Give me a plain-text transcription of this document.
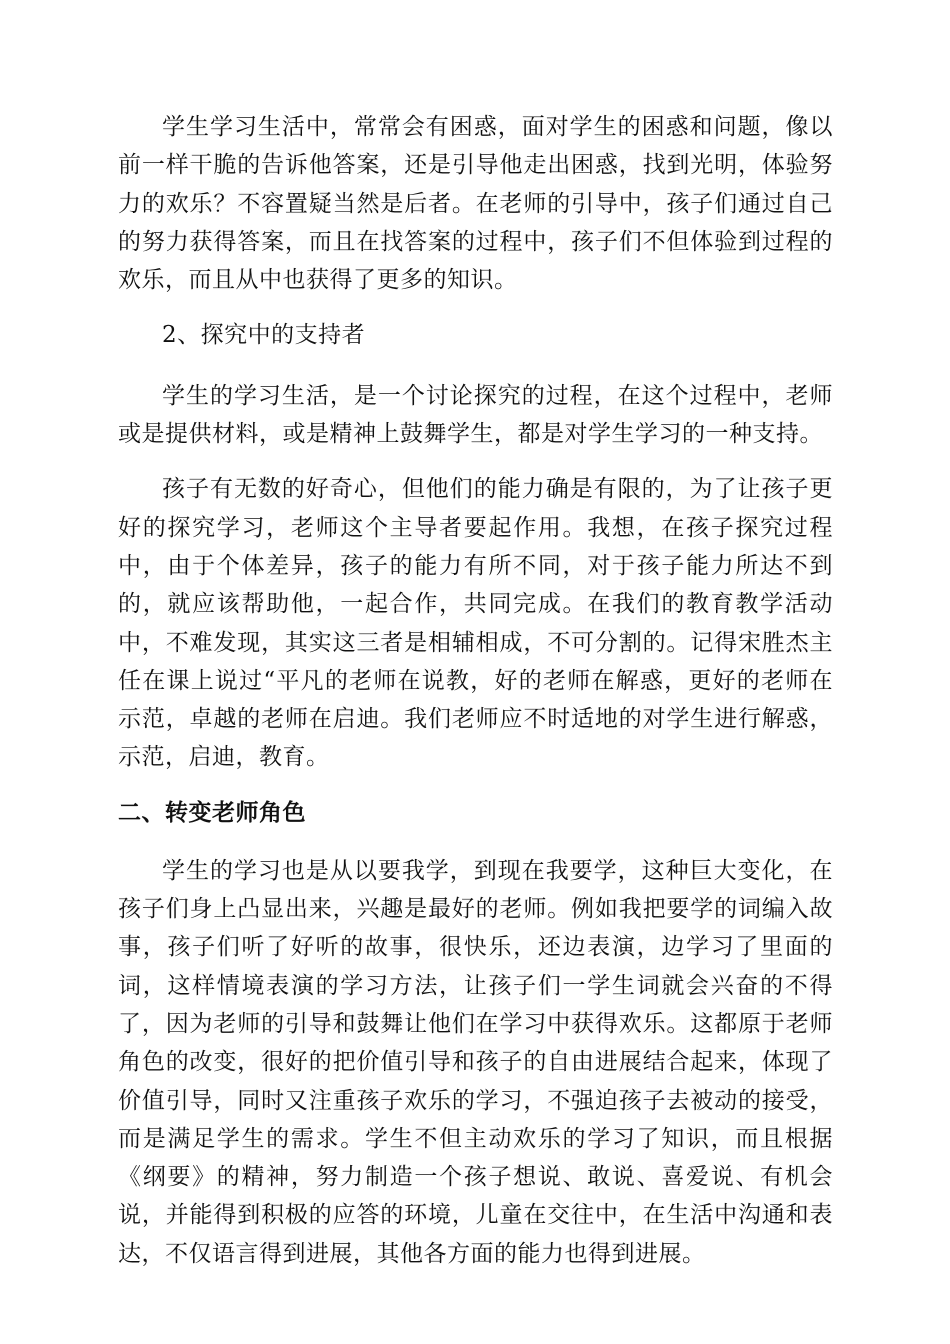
学生学习生活中，常常会有困惑，面对学生的困惑和问题，像以前一样干脆的告诉他答案，还是引导他走出困惑，找到光明，体验努力的欢乐？不容置疑当然是后者。在老师的引导中，孩子们通过自己的努力获得答案，而且在找答案的过程中，孩子们不但体验到过程的欢乐，而且从中也获得了更多的知识。

2、探究中的支持者

学生的学习生活，是一个讨论探究的过程，在这个过程中，老师或是提供材料，或是精神上鼓舞学生，都是对学生学习的一种支持。

孩子有无数的好奇心，但他们的能力确是有限的，为了让孩子更好的探究学习，老师这个主导者要起作用。我想，在孩子探究过程中，由于个体差异，孩子的能力有所不同，对于孩子能力所达不到的，就应该帮助他，一起合作，共同完成。在我们的教育教学活动中，不难发现，其实这三者是相辅相成，不可分割的。记得宋胜杰主任在课上说过“平凡的老师在说教，好的老师在解惑，更好的老师在示范，卓越的老师在启迪。我们老师应不时适地的对学生进行解惑，示范，启迪，教育。

二、转变老师角色

学生的学习也是从以要我学，到现在我要学，这种巨大变化，在孩子们身上凸显出来，兴趣是最好的老师。例如我把要学的词编入故事，孩子们听了好听的故事，很快乐，还边表演，边学习了里面的词，这样情境表演的学习方法，让孩子们一学生词就会兴奋的不得了，因为老师的引导和鼓舞让他们在学习中获得欢乐。这都原于老师角色的改变，很好的把价值引导和孩子的自由进展结合起来，体现了价值引导，同时又注重孩子欢乐的学习，不强迫孩子去被动的接受，而是满足学生的需求。学生不但主动欢乐的学习了知识，而且根据《纲要》的精神，努力制造一个孩子想说、敢说、喜爱说、有机会说，并能得到积极的应答的环境，儿童在交往中，在生活中沟通和表达，不仅语言得到进展，其他各方面的能力也得到进展。
